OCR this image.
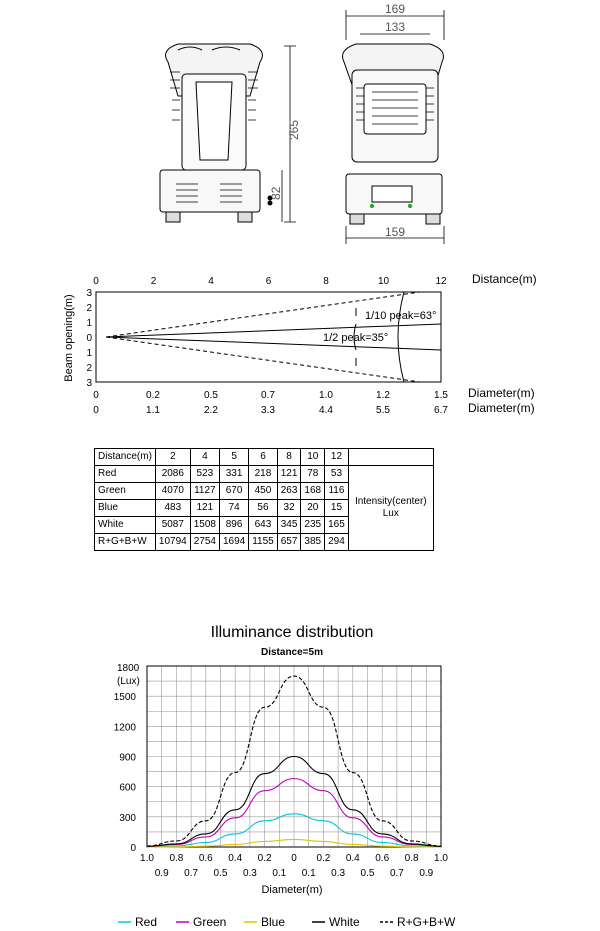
169
133
265
82
159
0	2	4	6	8	10	12 Distance(m)
3
2
1
0
1
2
3
Beam opening(m)	1/10 peak=63°
1/2 peak=35°
0	0.2	0.5	0.7	1.0	1.2	1.5
0	1.1	2.2	3.3	4.4	5.5	6.7
Diameter(m)
Diameter(m)
Distance(m)	2	4	5	6	8	10	12	
Red	2086	523	331	218	121	78	53	Intensity(center)
Lux

Green	4070	1127	670	450	263	168	116	
Blue	483	121	74	56	32	20	15	
White	5087	1508	896	643	345	235	165	
R+G+B+W	10794	2754	1694	1155	657	385	294	
Illuminance distribution
Distance=5m
1800
(Lux)
0
300
600
900
1200
1500
1.0 0.8 0.6 0.4 0.2 0 0.2 0.4 0.6 0.8 1.0
0.9 0.7 0.5 0.3 0.1 0.1 0.3 0.5 0.7 0.9
Diameter(m)
Red	Green	Blue	White	R+G+B+W
